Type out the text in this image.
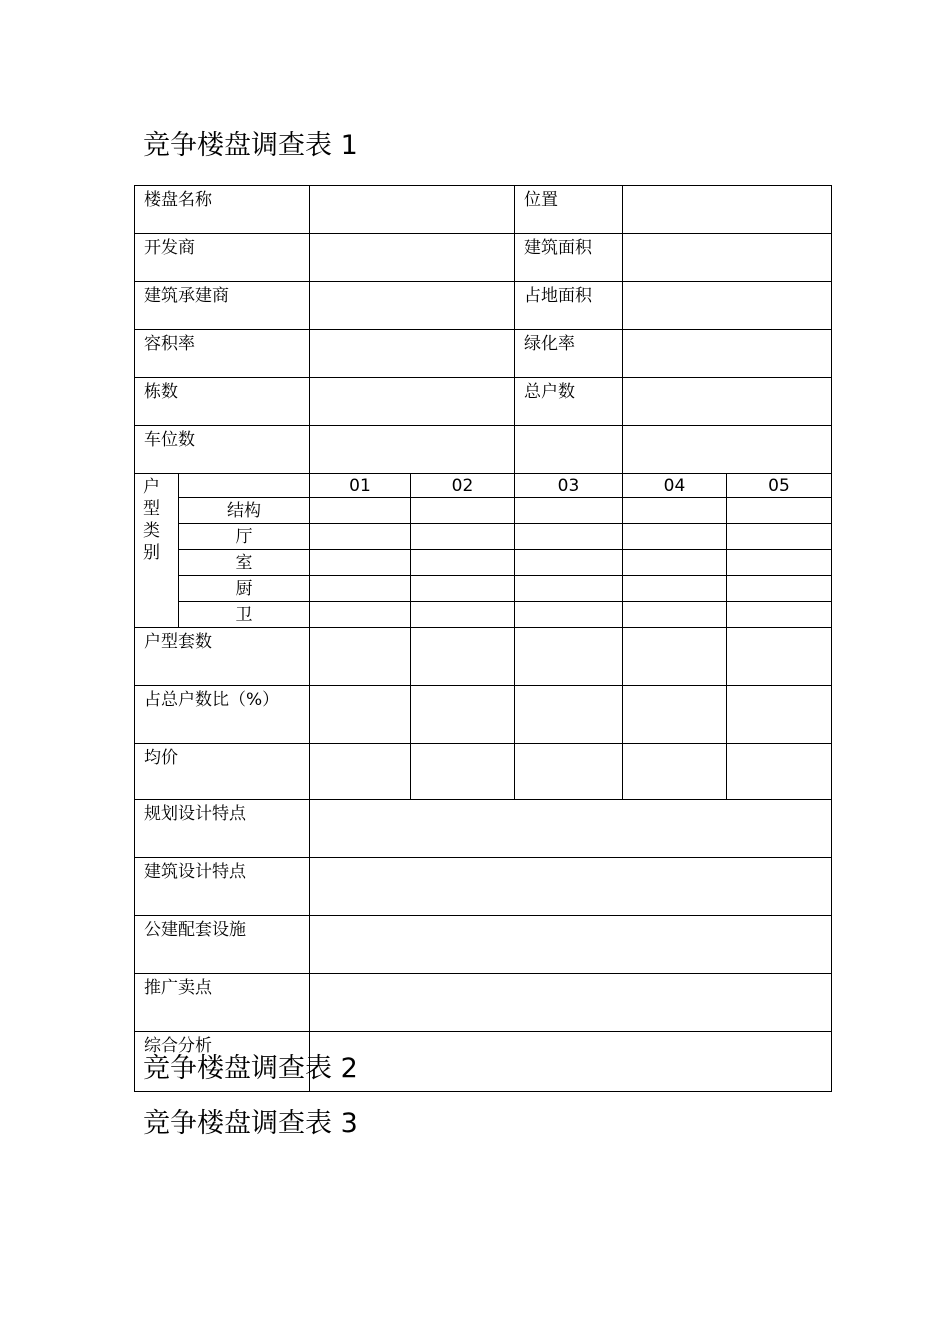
竞争楼盘调查表 1
楼盘名称				位置		
开发商				建筑面积		
建筑承建商				占地面积		
容积率				绿化率		
栋数				总户数		
车位数						

户
型
类
别		01	02	03	04	05
	结构					
	厅					
	室					
	厨					
	卫					
户型套数						
占总户数比（%）						
均价						
规划设计特点						
建筑设计特点						
公建配套设施						
推广卖点						
综合分析						
竞争楼盘调查表 2
竞争楼盘调查表 3
